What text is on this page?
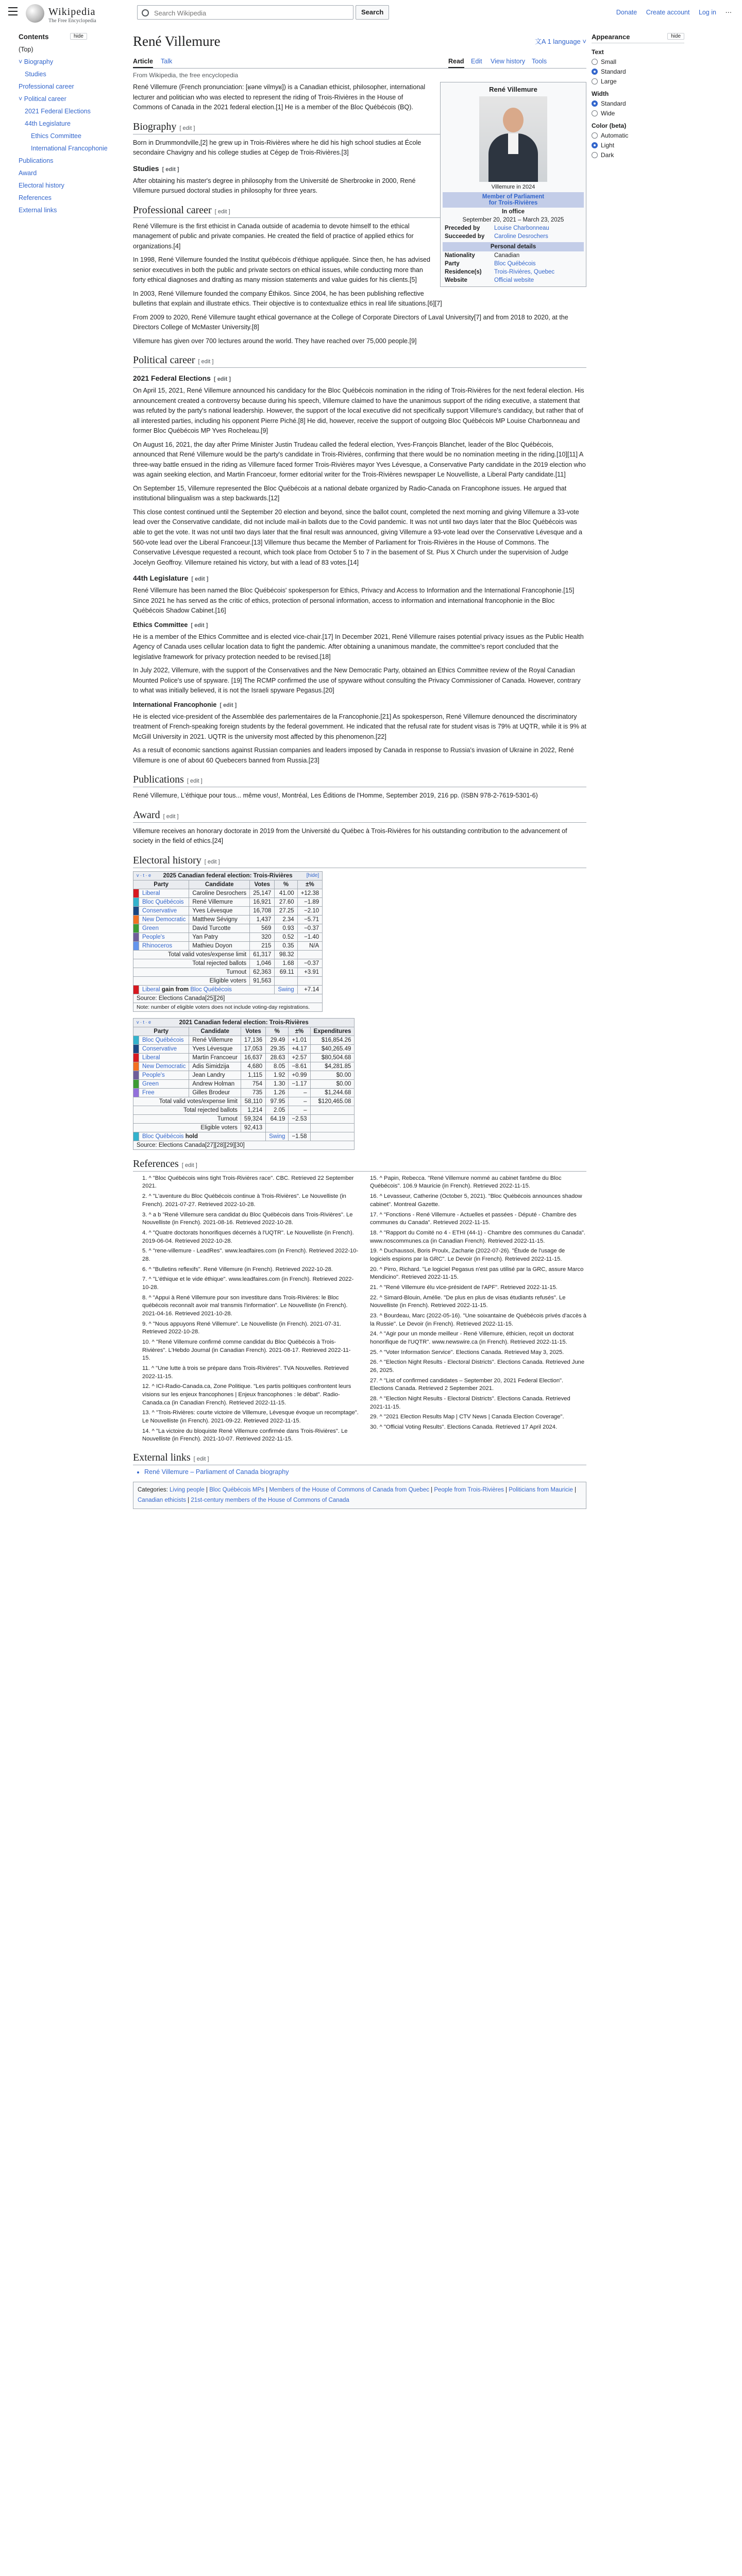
Wikipedia
The Free Encyclopedia
Search Wikipedia
Search	Donate Create account Log in ⋯
Contents	hide
(Top)
˅ Biography
Studies
Professional career
˅ Political career
2021 Federal Elections
44th Legislature
Ethics Committee
International Francophonie
Publications
Award
Electoral history
References
External links
René Villemure	文A 1 language ˅
Article Talk	Read Edit View history Tools
From Wikipedia, the free encyclopedia
René Villemure
Villemure in 2024
Member of Parliament
for Trois-Rivières
In office
September 20, 2021 – March 23, 2025
Preceded by	Louise Charbonneau
Succeeded by	Caroline Desrochers
Personal details
Nationality	Canadian
Party	Bloc Québécois
Residence(s)	Trois-Rivières, Quebec
Website	Official website

René Villemure (French pronunciation: [ʁəne vilmyʁ]) is a Canadian ethicist, philosopher, international lecturer and politician who was elected to represent the riding of Trois-Rivières in the House of Commons of Canada in the 2021 federal election.[1] He is a member of the Bloc Québécois (BQ).

Biography [ edit ]

Born in Drummondville,[2] he grew up in Trois-Rivières where he did his high school studies at École secondaire Chavigny and his college studies at Cégep de Trois-Rivières.[3]

Studies [ edit ]

After obtaining his master's degree in philosophy from the Université de Sherbrooke in 2000, René Villemure pursued doctoral studies in philosophy for three years.

Professional career [ edit ]

René Villemure is the first ethicist in Canada outside of academia to devote himself to the ethical management of public and private companies. He created the field of practice of applied ethics for organizations.[4]

In 1998, René Villemure founded the Institut québécois d'éthique appliquée. Since then, he has advised senior executives in both the public and private sectors on ethical issues, while conducting more than forty ethical diagnoses and drafting as many mission statements and value guides for his clients.[5]

In 2003, René Villemure founded the company Éthikos. Since 2004, he has been publishing reflective bulletins that explain and illustrate ethics. Their objective is to contextualize ethics in real life situations.[6][7]

From 2009 to 2020, René Villemure taught ethical governance at the College of Corporate Directors of Laval University[7] and from 2018 to 2020, at the Directors College of McMaster University.[8]

Villemure has given over 700 lectures around the world. They have reached over 75,000 people.[9]

Political career [ edit ]
2021 Federal Elections [ edit ]

On April 15, 2021, René Villemure announced his candidacy for the Bloc Québécois nomination in the riding of Trois-Rivières for the next federal election. His announcement created a controversy because during his speech, Villemure claimed to have the unanimous support of the riding executive, a statement that was refuted by the party's national leadership. However, the support of the local executive did not specifically support Villemure's candidacy, but rather that of all interested parties, including his opponent Pierre Piché.[8] He did, however, receive the support of outgoing Bloc Québécois MP Louise Charbonneau and former Bloc Québécois MP Yves Rocheleau.[9]

On August 16, 2021, the day after Prime Minister Justin Trudeau called the federal election, Yves-François Blanchet, leader of the Bloc Québécois, announced that René Villemure would be the party's candidate in Trois-Rivières, confirming that there would be no nomination meeting in the riding.[10][11] A three-way battle ensued in the riding as Villemure faced former Trois-Rivières mayor Yves Lévesque, a Conservative Party candidate in the 2019 election who was again seeking election, and Martin Francoeur, former editorial writer for the Trois-Rivières newspaper Le Nouvelliste, a Liberal Party candidate.[11]

On September 15, Villemure represented the Bloc Québécois at a national debate organized by Radio-Canada on Francophone issues. He argued that institutional bilingualism was a step backwards.[12]

This close contest continued until the September 20 election and beyond, since the ballot count, completed the next morning and giving Villemure a 33-vote lead over the Conservative candidate, did not include mail-in ballots due to the Covid pandemic. It was not until two days later that the Bloc Québécois was able to get the vote. It was not until two days later that the final result was announced, giving Villemure a 93-vote lead over the Conservative Lévesque and a 560-vote lead over the Liberal Francoeur.[13] Villemure thus became the Member of Parliament for Trois-Rivières in the House of Commons. The Conservative Lévesque requested a recount, which took place from October 5 to 7 in the basement of St. Pius X Church under the supervision of Judge Jocelyn Geoffroy. Villemure retained his victory, but with a lead of 83 votes.[14]

44th Legislature [ edit ]

René Villemure has been named the Bloc Québécois' spokesperson for Ethics, Privacy and Access to Information and the International Francophonie.[15] Since 2021 he has served as the critic of ethics, protection of personal information, access to information and international francophonie in the Bloc Québécois Shadow Cabinet.[16]

Ethics Committee [ edit ]

He is a member of the Ethics Committee and is elected vice-chair.[17] In December 2021, René Villemure raises potential privacy issues as the Public Health Agency of Canada uses cellular location data to fight the pandemic. After obtaining a unanimous mandate, the committee's report concluded that the legislative framework for privacy protection needed to be revised.[18]

In July 2022, Villemure, with the support of the Conservatives and the New Democratic Party, obtained an Ethics Committee review of the Royal Canadian Mounted Police's use of spyware. [19] The RCMP confirmed the use of spyware without consulting the Privacy Commissioner of Canada. However, contrary to what was initially believed, it is not the Israeli spyware Pegasus.[20]

International Francophonie [ edit ]

He is elected vice-president of the Assemblée des parlementaires de la Francophonie.[21] As spokesperson, René Villemure denounced the discriminatory treatment of French-speaking foreign students by the federal government. He indicated that the refusal rate for student visas is 79% at UQTR, while it is 9% at McGill University in 2021. UQTR is the university most affected by this phenomenon.[22]

As a result of economic sanctions against Russian companies and leaders imposed by Canada in response to Russia's invasion of Ukraine in 2022, René Villemure is one of about 60 Quebecers banned from Russia.[23]

Publications [ edit ]

René Villemure, L'éthique pour tous... même vous!, Montréal, Les Éditions de l'Homme, September 2019, 216 pp. (ISBN 978-2-7619-5301-6)

Award [ edit ]

Villemure receives an honorary doctorate in 2019 from the Université du Québec à Trois-Rivières for his outstanding contribution to the advancement of society in the field of ethics.[24]

Electoral history [ edit ]
v · t · e 2025 Canadian federal election: Trois-Rivières [hide]					

Party		Candidate	Votes	%	±%
	Liberal	Caroline Desrochers	25,147	41.00	+12.38
	Bloc Québécois	René Villemure	16,921	27.60	−1.89
	Conservative	Yves Lévesque	16,708	27.25	−2.10
	New Democratic	Matthew Sévigny	1,437	2.34	−5.71
	Green	David Turcotte	569	0.93	−0.37
	People's	Yan Patry	320	0.52	−1.40
	Rhinoceros	Mathieu Doyon	215	0.35	N/A
Total valid votes/expense limit			61,317	98.32	
Total rejected ballots			1,046	1.68	−0.37
Turnout			62,363	69.11	+3.91
Eligible voters			91,563		
	Liberal gain from Bloc Québécois			Swing	+7.14
Source: Elections Canada[25][26]					
Note: number of eligible voters does not include voting-day registrations.					
v · t · e 2021 Canadian federal election: Trois-Rivières						
Party		Candidate	Votes	%	±%	Expenditures
	Bloc Québécois	René Villemure	17,136	29.49	+1.01	$16,854.26
	Conservative	Yves Lévesque	17,053	29.35	+4.17	$40,265.49
	Liberal	Martin Francoeur	16,637	28.63	+2.57	$80,504.68
	New Democratic	Adis Simidzija	4,680	8.05	−8.61	$4,281.85
	People's	Jean Landry	1,115	1.92	+0.99	$0.00
	Green	Andrew Holman	754	1.30	−1.17	$0.00
	Free	Gilles Brodeur	735	1.26	–	$1,244.68
Total valid votes/expense limit			58,110	97.95	–	$120,465.08
Total rejected ballots			1,214	2.05	–	
Turnout			59,324	64.19	−2.53	
Eligible voters			92,413			
	Bloc Québécois hold			Swing	−1.58	
Source: Elections Canada[27][28][29][30]						
References [ edit ]
1. ^ "Bloc Québécois wins tight Trois-Rivières race". CBC. Retrieved 22 September 2021.
2. ^ "L'aventure du Bloc Québécois continue à Trois-Rivières". Le Nouvelliste (in French). 2021-07-27. Retrieved 2022-10-28.
3. ^ a b "René Villemure sera candidat du Bloc Québécois dans Trois-Rivières". Le Nouvelliste (in French). 2021-08-16. Retrieved 2022-10-28.
4. ^ "Quatre doctorats honorifiques décernés à l'UQTR". Le Nouvelliste (in French). 2019-06-04. Retrieved 2022-10-28.
5. ^ "rene-villemure - LeadRes". www.leadfaires.com (in French). Retrieved 2022-10-28.
6. ^ "Bulletins reflexifs". René Villemure (in French). Retrieved 2022-10-28.
7. ^ "L'éthique et le vide éthique". www.leadfaires.com (in French). Retrieved 2022-10-28.
8. ^ "Appui à René Villemure pour son investiture dans Trois-Rivières: le Bloc québécois reconnaît avoir mal transmis l'information". Le Nouvelliste (in French). 2021-04-16. Retrieved 2021-10-28.
9. ^ "Nous appuyons René Villemure". Le Nouvelliste (in French). 2021-07-31. Retrieved 2022-10-28.
10. ^ "René Villemure confirmé comme candidat du Bloc Québécois à Trois-Rivières". L'Hebdo Journal (in Canadian French). 2021-08-17. Retrieved 2022-11-15.
11. ^ "Une lutte à trois se prépare dans Trois-Rivières". TVA Nouvelles. Retrieved 2022-11-15.
12. ^ ICI-Radio-Canada.ca, Zone Politique. "Les partis politiques confrontent leurs visions sur les enjeux francophones | Enjeux francophones : le débat". Radio-Canada.ca (in Canadian French). Retrieved 2022-11-15.
13. ^ "Trois-Rivières: courte victoire de Villemure, Lévesque évoque un recomptage". Le Nouvelliste (in French). 2021-09-22. Retrieved 2022-11-15.
14. ^ "La victoire du bloquiste René Villemure confirmée dans Trois-Rivières". Le Nouvelliste (in French). 2021-10-07. Retrieved 2022-11-15.
15. ^ Papin, Rebecca. "René Villemure nommé au cabinet fantôme du Bloc Québécois". 106.9 Mauricie (in French). Retrieved 2022-11-15.
16. ^ Levasseur, Catherine (October 5, 2021). "Bloc Québécois announces shadow cabinet". Montreal Gazette.
17. ^ "Fonctions - René Villemure - Actuelles et passées - Député - Chambre des communes du Canada". Retrieved 2022-11-15.
18. ^ "Rapport du Comité no 4 - ETHI (44-1) - Chambre des communes du Canada". www.noscommunes.ca (in Canadian French). Retrieved 2022-11-15.
19. ^ Duchaussoi, Boris Proulx, Zacharie (2022-07-26). "Étude de l'usage de logiciels espions par la GRC". Le Devoir (in French). Retrieved 2022-11-15.
20. ^ Pirro, Richard. "Le logiciel Pegasus n'est pas utilisé par la GRC, assure Marco Mendicino". Retrieved 2022-11-15.
21. ^ "René Villemure élu vice-président de l'APF". Retrieved 2022-11-15.
22. ^ Simard-Blouin, Amélie. "De plus en plus de visas étudiants refusés". Le Nouvelliste (in French). Retrieved 2022-11-15.
23. ^ Bourdeau, Marc (2022-05-16). "Une soixantaine de Québécois privés d'accès à la Russie". Le Devoir (in French). Retrieved 2022-11-15.
24. ^ "Agir pour un monde meilleur - René Villemure, éthicien, reçoit un doctorat honorifique de l'UQTR". www.newswire.ca (in French). Retrieved 2022-11-15.
25. ^ "Voter Information Service". Elections Canada. Retrieved May 3, 2025.
26. ^ "Election Night Results - Electoral Districts". Elections Canada. Retrieved June 26, 2025.
27. ^ "List of confirmed candidates – September 20, 2021 Federal Election". Elections Canada. Retrieved 2 September 2021.
28. ^ "Election Night Results - Electoral Districts". Elections Canada. Retrieved 2021-11-15.
29. ^ "2021 Election Results Map | CTV News | Canada Election Coverage".
30. ^ "Official Voting Results". Elections Canada. Retrieved 17 April 2024.
External links [ edit ]
• René Villemure – Parliament of Canada biography
Categories: Living people | Bloc Québécois MPs | Members of the House of Commons of Canada from Quebec | People from Trois-Rivières | Politicians from Mauricie | Canadian ethicists | 21st-century members of the House of Commons of Canada
Appearance	hide
Text
Small
Standard
Large
Width
Standard
Wide
Color (beta)
Automatic
Light
Dark
